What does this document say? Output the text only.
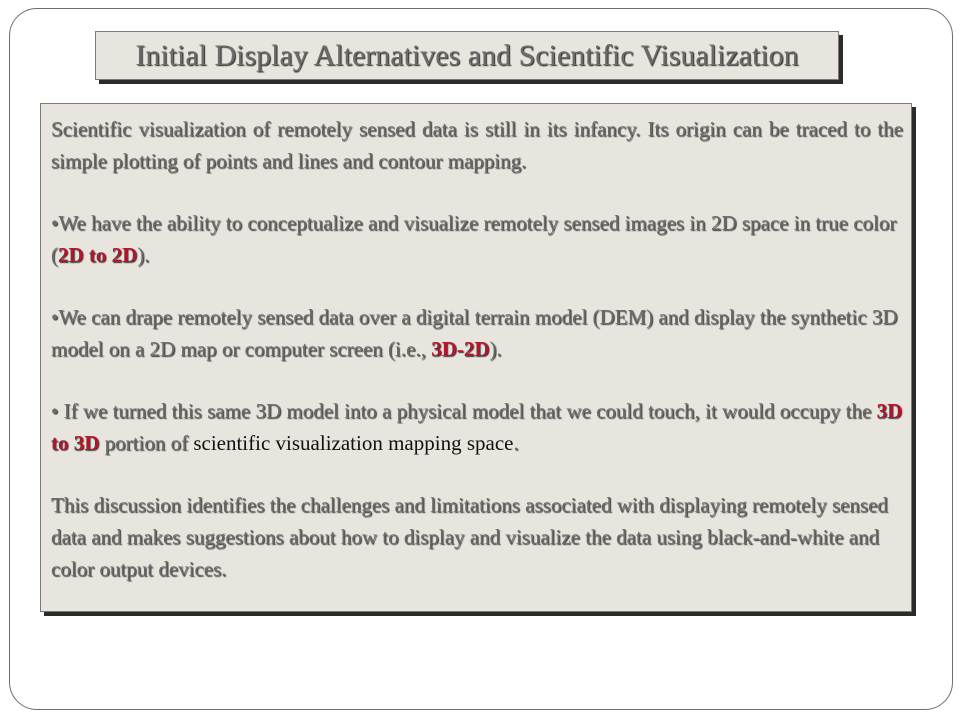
Initial Display Alternatives and Scientific Visualization

Scientific visualization of remotely sensed data is still in its infancy. Its origin can be traced to the simple plotting of points and lines and contour mapping.

•We have the ability to conceptualize and visualize remotely sensed images in 2D space in true color (2D to 2D).

•We can drape remotely sensed data over a digital terrain model (DEM) and display the synthetic 3D model on a 2D map or computer screen (i.e., 3D-2D).

• If we turned this same 3D model into a physical model that we could touch, it would occupy the 3D to 3D portion of scientific visualization mapping space.

This discussion identifies the challenges and limitations associated with displaying remotely sensed data and makes suggestions about how to display and visualize the data using black-and-white and color output devices.
